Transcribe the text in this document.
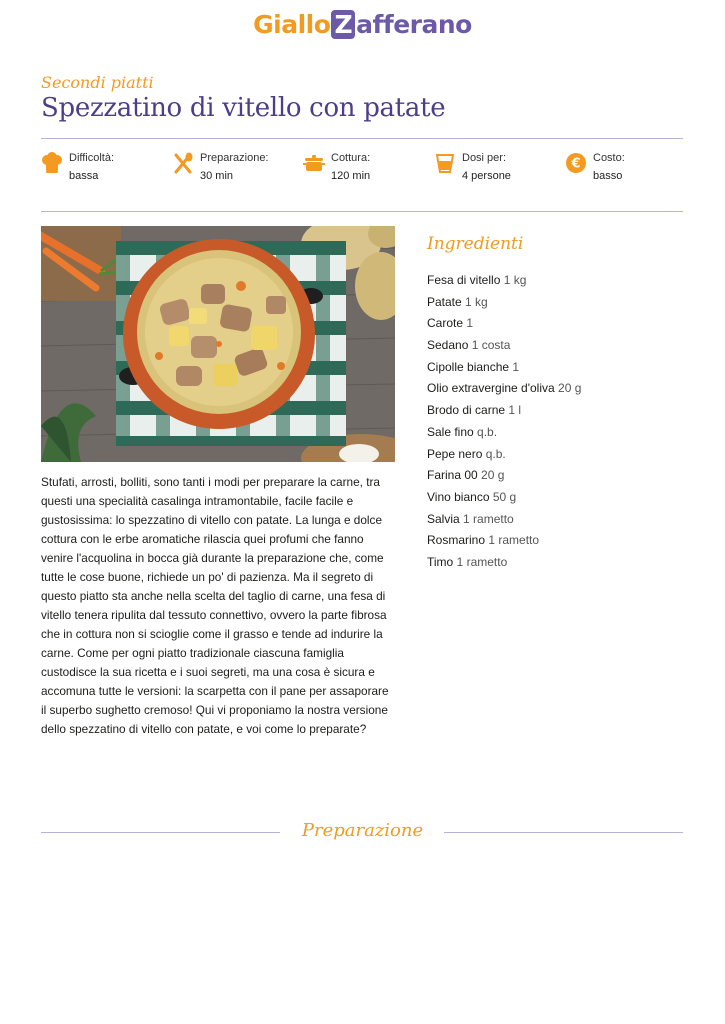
Giallo Z afferano
Secondi piatti
Spezzatino di vitello con patate
Difficoltà:
bassa
Preparazione:
30 min
Cottura:
120 min
Dosi per:
4 persone
€ Costo:
basso

Stufati, arrosti, bolliti, sono tanti i modi per preparare la carne, tra questi una specialità casalinga intramontabile, facile facile e gustosissima: lo spezzatino di vitello con patate. La lunga e dolce cottura con le erbe aromatiche rilascia quei profumi che fanno venire l'acquolina in bocca già durante la preparazione che, come tutte le cose buone, richiede un po' di pazienza. Ma il segreto di questo piatto sta anche nella scelta del taglio di carne, una fesa di vitello tenera ripulita dal tessuto connettivo, ovvero la parte fibrosa che in cottura non si scioglie come il grasso e tende ad indurire la carne. Come per ogni piatto tradizionale ciascuna famiglia custodisce la sua ricetta e i suoi segreti, ma una cosa è sicura e accomuna tutte le versioni: la scarpetta con il pane per assaporare il superbo sughetto cremoso! Qui vi proponiamo la nostra versione dello spezzatino di vitello con patate, e voi come lo preparate?

Ingredienti
Fesa di vitello 1 kg
Patate 1 kg
Carote 1
Sedano 1 costa
Cipolle bianche 1
Olio extravergine d'oliva 20 g
Brodo di carne 1 l
Sale fino q.b.
Pepe nero q.b.
Farina 00 20 g
Vino bianco 50 g
Salvia 1 rametto
Rosmarino 1 rametto
Timo 1 rametto
Preparazione
